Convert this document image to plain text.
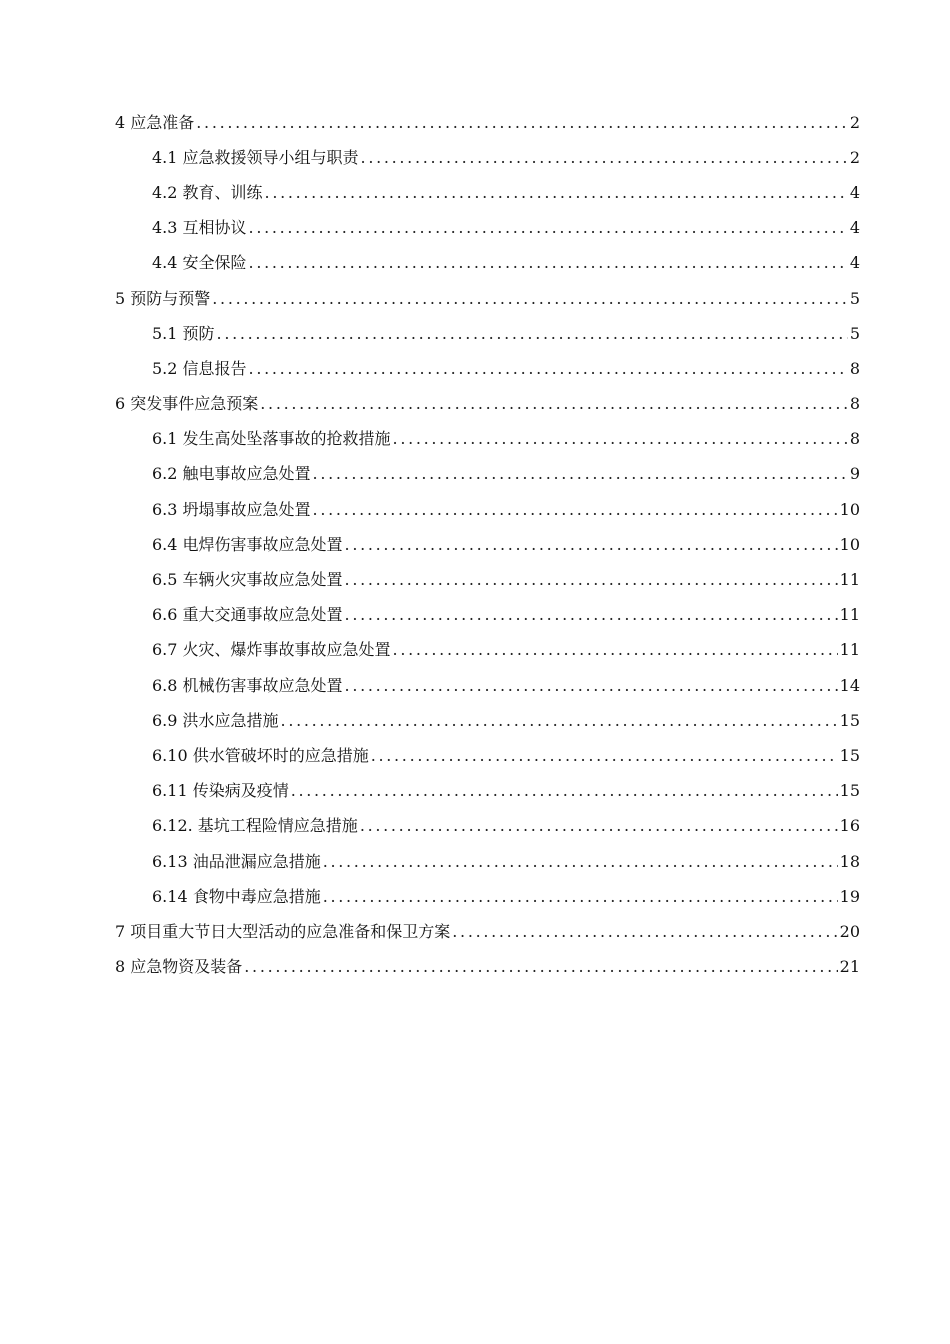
4 应急准备 . . .	2
4.1 应急救援领导小组与职责 . . .	2
4.2 教育、训练 . . .	4
4.3 互相协议 . . .	4
4.4 安全保险 . . .	4
5 预防与预警 . . .	5
5.1 预防 . . .	5
5.2 信息报告 . . .	8
6 突发事件应急预案 . . .	8
6.1 发生高处坠落事故的抢救措施 . . .	8
6.2 触电事故应急处置 . . .	9
6.3 坍塌事故应急处置 . . .	10
6.4 电焊伤害事故应急处置 . . .	10
6.5 车辆火灾事故应急处置 . . .	11
6.6 重大交通事故应急处置 . . .	11
6.7 火灾、爆炸事故事故应急处置 . . .	11
6.8 机械伤害事故应急处置 . . .	14
6.9 洪水应急措施 . . .	15
6.10 供水管破坏时的应急措施 . . .	15
6.11 传染病及疫情 . . .	15
6.12. 基坑工程险情应急措施 . . .	16
6.13 油品泄漏应急措施 . . .	18
6.14 食物中毒应急措施 . . .	19
7 项目重大节日大型活动的应急准备和保卫方案 . . .	20
8 应急物资及装备 . . .	21
